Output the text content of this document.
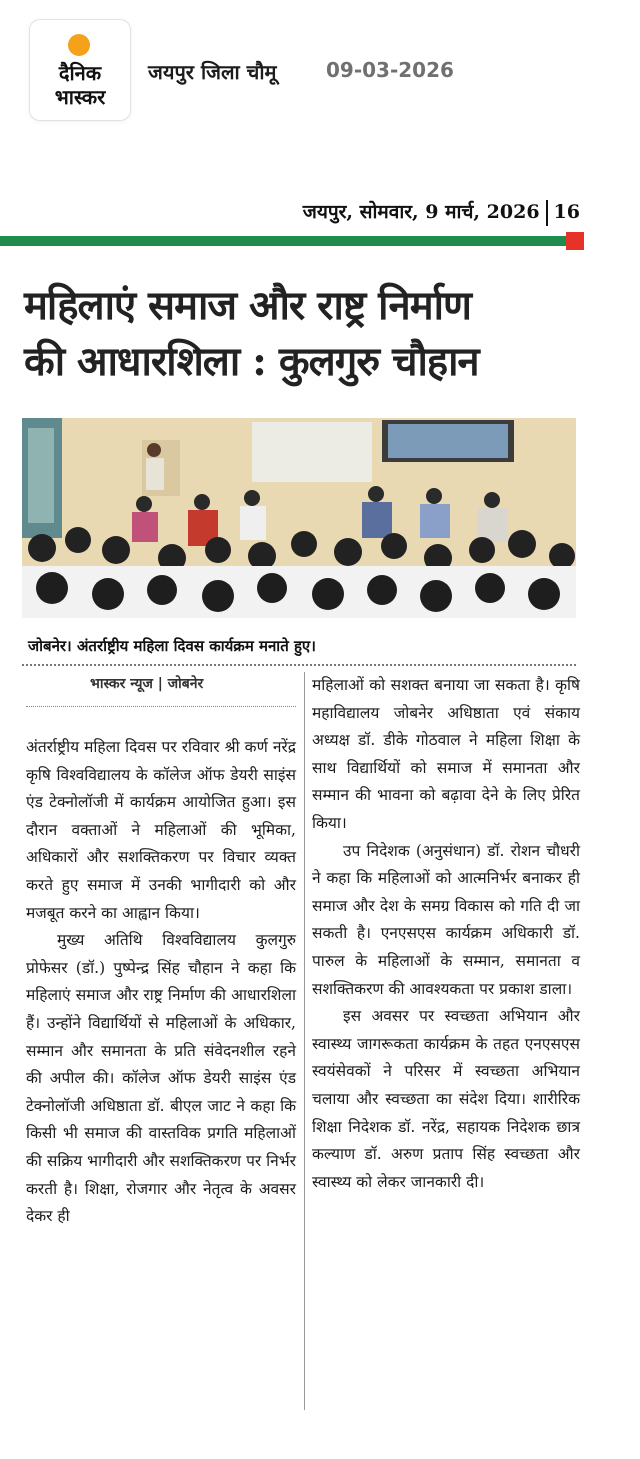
दैनिक
भास्कर
जयपुर जिला चौमू 09-03-2026
जयपुर, सोमवार, 9 मार्च, 2026 16
महिलाएं समाज और राष्ट्र निर्माण
की आधारशिला : कुलगुरु चौहान
जोबनेर। अंतर्राष्ट्रीय महिला दिवस कार्यक्रम मनाते हुए।
भास्कर न्यूज | जोबनेर

अंतर्राष्ट्रीय महिला दिवस पर रविवार श्री कर्ण नरेंद्र कृषि विश्वविद्यालय के कॉलेज ऑफ डेयरी साइंस एंड टेक्नोलॉजी में कार्यक्रम आयोजित हुआ। इस दौरान वक्ताओं ने महिलाओं की भूमिका, अधिकारों और सशक्तिकरण पर विचार व्यक्त करते हुए समाज में उनकी भागीदारी को और मजबूत करने का आह्वान किया।

मुख्य अतिथि विश्वविद्यालय कुलगुरु प्रोफेसर (डॉ.) पुष्पेन्द्र सिंह चौहान ने कहा कि महिलाएं समाज और राष्ट्र निर्माण की आधारशिला हैं। उन्होंने विद्यार्थियों से महिलाओं के अधिकार, सम्मान और समानता के प्रति संवेदनशील रहने की अपील की। कॉलेज ऑफ डेयरी साइंस एंड टेक्नोलॉजी अधिष्ठाता डॉ. बीएल जाट ने कहा कि किसी भी समाज की वास्तविक प्रगति महिलाओं की सक्रिय भागीदारी और सशक्तिकरण पर निर्भर करती है। शिक्षा, रोजगार और नेतृत्व के अवसर देकर ही

महिलाओं को सशक्त बनाया जा सकता है। कृषि महाविद्यालय जोबनेर अधिष्ठाता एवं संकाय अध्यक्ष डॉ. डीके गोठवाल ने महिला शिक्षा के साथ विद्यार्थियों को समाज में समानता और सम्मान की भावना को बढ़ावा देने के लिए प्रेरित किया।

उप निदेशक (अनुसंधान) डॉ. रोशन चौधरी ने कहा कि महिलाओं को आत्मनिर्भर बनाकर ही समाज और देश के समग्र विकास को गति दी जा सकती है। एनएसएस कार्यक्रम अधिकारी डॉ. पारुल के महिलाओं के सम्मान, समानता व सशक्तिकरण की आवश्यकता पर प्रकाश डाला।

इस अवसर पर स्वच्छता अभियान और स्वास्थ्य जागरूकता कार्यक्रम के तहत एनएसएस स्वयंसेवकों ने परिसर में स्वच्छता अभियान चलाया और स्वच्छता का संदेश दिया। शारीरिक शिक्षा निदेशक डॉ. नरेंद्र, सहायक निदेशक छात्र कल्याण डॉ. अरुण प्रताप सिंह स्वच्छता और स्वास्थ्य को लेकर जानकारी दी।
